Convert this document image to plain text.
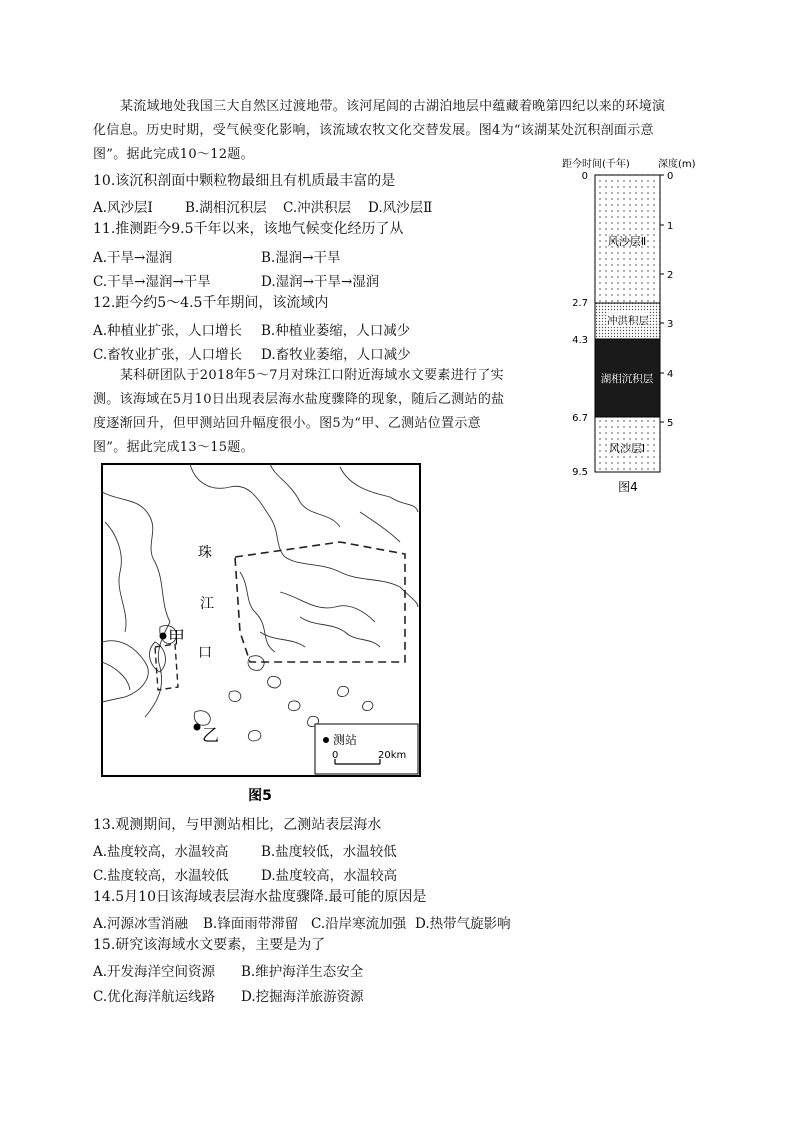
某流域地处我国三大自然区过渡地带。该河尾闾的古湖泊地层中蕴藏着晚第四纪以来的环境演
化信息。历史时期，受气候变化影响，该流域农牧文化交替发展。图4为“该湖某处沉积剖面示意
图”。据此完成10～12题。
10.该沉积剖面中颗粒物最细且有机质最丰富的是
A.风沙层Ⅰ B.湖相沉积层 C.冲洪积层 D.风沙层Ⅱ
11.推测距今9.5千年以来，该地气候变化经历了从
A.干旱→湿润	B.湿润→干旱
C.干旱→湿润→干旱	D.湿润→干旱→湿润
12.距今约5～4.5千年期间，该流域内
A.种植业扩张，人口增长 B.种植业萎缩，人口减少
C.畜牧业扩张，人口增长 D.畜牧业萎缩，人口减少
某科研团队于2018年5～7月对珠江口附近海域水文要素进行了实
测。该海域在5月10日出现表层海水盐度骤降的现象，随后乙测站的盐
度逐渐回升，但甲测站回升幅度很小。图5为“甲、乙测站位置示意
图”。据此完成13～15题。
距今时间(千年)	深度(m)
风沙层Ⅱ
冲洪积层
湖相沉积层
风沙层Ⅰ
0
2.7
4.3
6.7
9.5
0
1
2
3
4
5
图4
珠
江
口
甲
乙	测站
0	20km
图5
13.观测期间，与甲测站相比，乙测站表层海水
A.盐度较高，水温较高 B.盐度较低，水温较低
C.盐度较高，水温较低 D.盐度较高，水温较高
14.5月10日该海域表层海水盐度骤降.最可能的原因是
A.河源冰雪消融 B.锋面雨带滞留 C.沿岸寒流加强 D.热带气旋影响
15.研究该海域水文要素，主要是为了
A.开发海洋空间资源 B.维护海洋生态安全
C.优化海洋航运线路 D.挖掘海洋旅游资源
